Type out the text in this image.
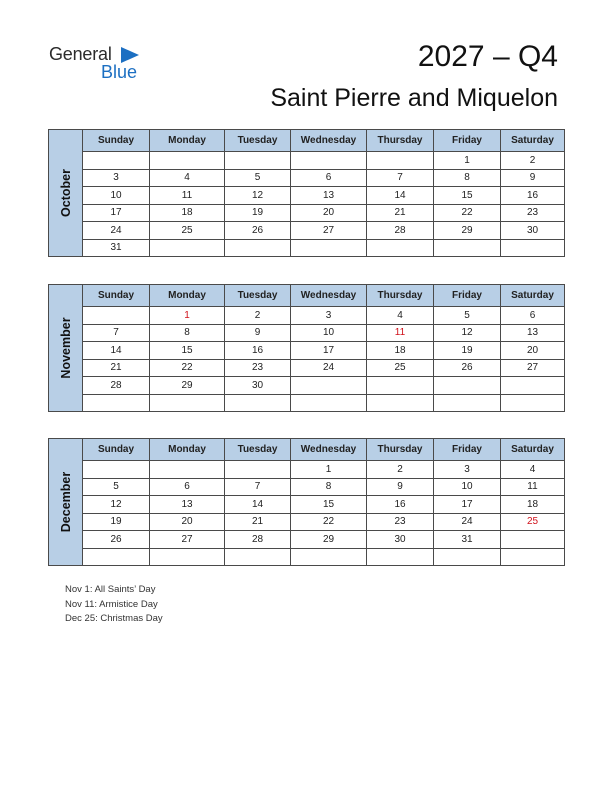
General
Blue	2027 – Q4
Saint Pierre and Miquelon
October	Sunday	Monday	Tuesday	Wednesday	Thursday	Friday	Saturday
						1	2
	3	4	5	6	7	8	9
	10	11	12	13	14	15	16
	17	18	19	20	21	22	23
	24	25	26	27	28	29	30
	31						
November	Sunday	Monday	Tuesday	Wednesday	Thursday	Friday	Saturday
		1	2	3	4	5	6
	7	8	9	10	11	12	13
	14	15	16	17	18	19	20
	21	22	23	24	25	26	27
	28	29	30				

December	Sunday	Monday	Tuesday	Wednesday	Thursday	Friday	Saturday
				1	2	3	4
	5	6	7	8	9	10	11
	12	13	14	15	16	17	18
	19	20	21	22	23	24	25
	26	27	28	29	30	31	

Nov 1: All Saints’ Day
Nov 11: Armistice Day
Dec 25: Christmas Day
